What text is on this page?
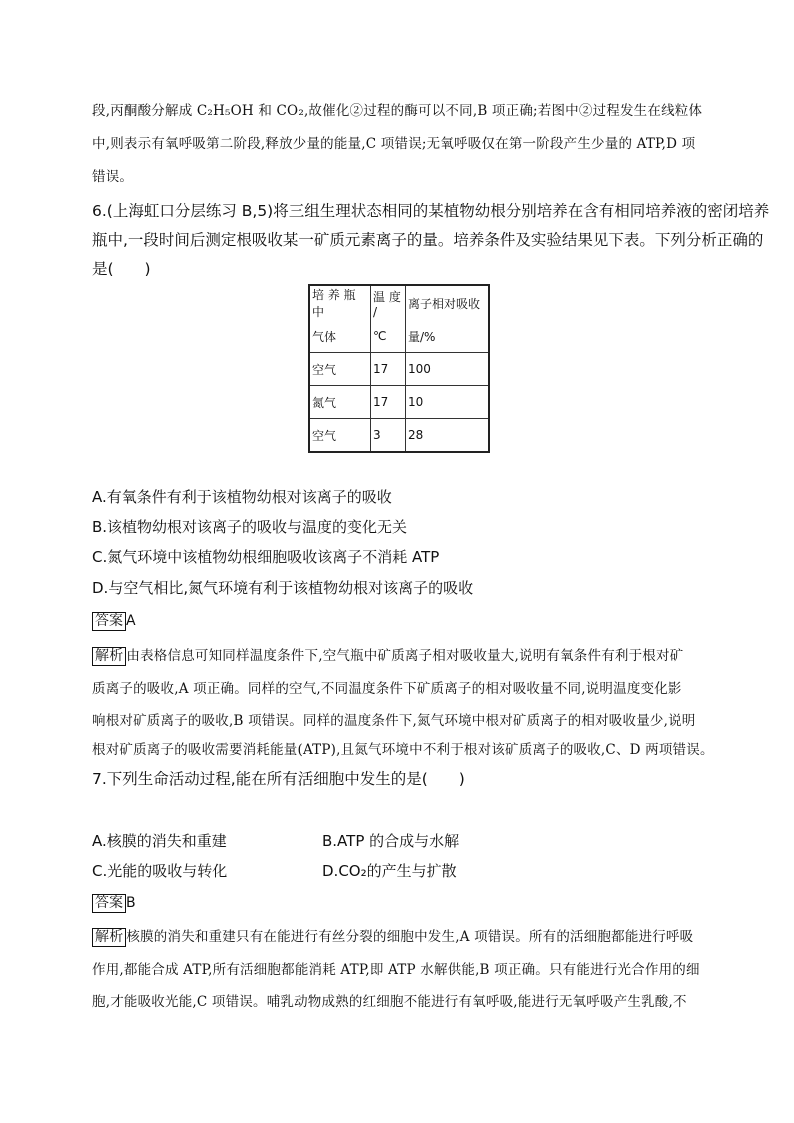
段,丙酮酸分解成 C₂H₅OH 和 CO₂,故催化②过程的酶可以不同,B 项正确;若图中②过程发生在线粒体
中,则表示有氧呼吸第二阶段,释放少量的能量,C 项错误;无氧呼吸仅在第一阶段产生少量的 ATP,D 项
错误。
6.(上海虹口分层练习 B,5)将三组生理状态相同的某植物幼根分别培养在含有相同培养液的密闭培养
瓶中,一段时间后测定根吸收某一矿质元素离子的量。培养条件及实验结果见下表。下列分析正确的
是(　　)
培 养 瓶 中	温 度 /	离子相对吸收
气体	℃	量/%
空气	17	100
氮气	17	10
空气	3	28
A.有氧条件有利于该植物幼根对该离子的吸收
B.该植物幼根对该离子的吸收与温度的变化无关
C.氮气环境中该植物幼根细胞吸收该离子不消耗 ATP
D.与空气相比,氮气环境有利于该植物幼根对该离子的吸收
答案 A
解析 由表格信息可知同样温度条件下,空气瓶中矿质离子相对吸收量大,说明有氧条件有利于根对矿
质离子的吸收,A 项正确。同样的空气,不同温度条件下矿质离子的相对吸收量不同,说明温度变化影
响根对矿质离子的吸收,B 项错误。同样的温度条件下,氮气环境中根对矿质离子的相对吸收量少,说明
根对矿质离子的吸收需要消耗能量(ATP),且氮气环境中不利于根对该矿质离子的吸收,C、D 两项错误。
7.下列生命活动过程,能在所有活细胞中发生的是(　　)
A.核膜的消失和重建	B.ATP 的合成与水解
C.光能的吸收与转化	D.CO₂的产生与扩散
答案 B
解析 核膜的消失和重建只有在能进行有丝分裂的细胞中发生,A 项错误。所有的活细胞都能进行呼吸
作用,都能合成 ATP,所有活细胞都能消耗 ATP,即 ATP 水解供能,B 项正确。只有能进行光合作用的细
胞,才能吸收光能,C 项错误。哺乳动物成熟的红细胞不能进行有氧呼吸,能进行无氧呼吸产生乳酸,不
